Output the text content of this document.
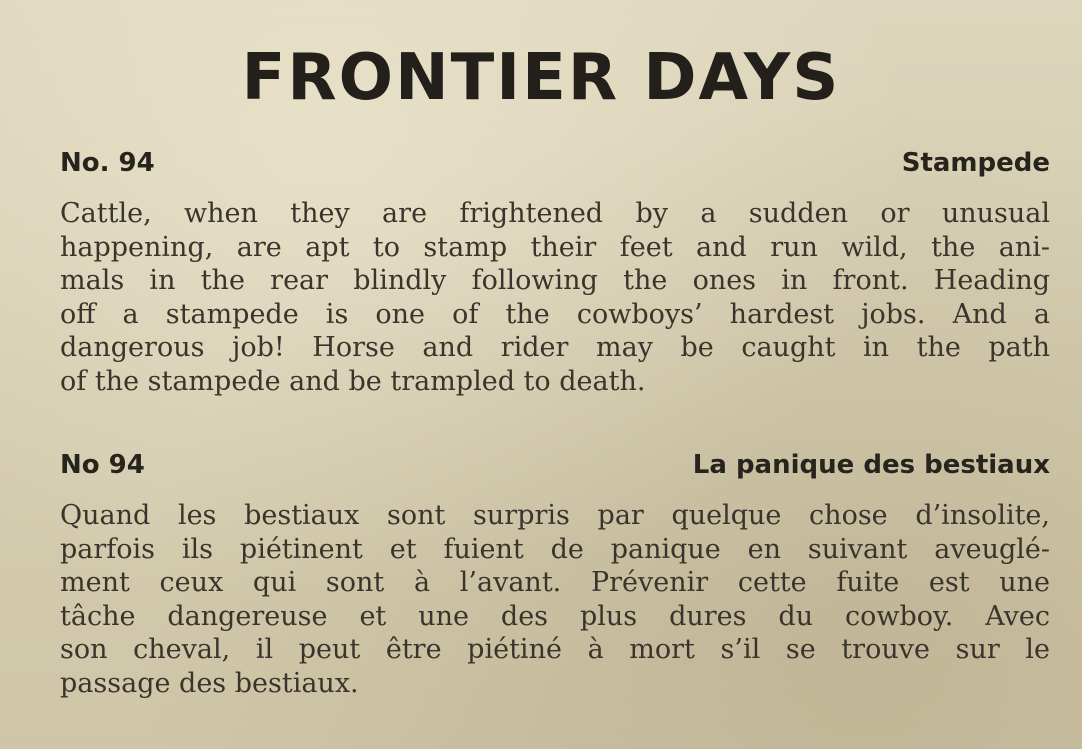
FRONTIER DAYS
No. 94	Stampede

Cattle, when they are frightened by a sudden or unusual
happening, are apt to stamp their feet and run wild, the ani-
mals in the rear blindly following the ones in front. Heading
off a stampede is one of the cowboys’ hardest jobs. And a
dangerous job! Horse and rider may be caught in the path
of the stampede and be trampled to death.

No 94	La panique des bestiaux

Quand les bestiaux sont surpris par quelque chose d’insolite,
parfois ils piétinent et fuient de panique en suivant aveuglé-
ment ceux qui sont à l’avant. Prévenir cette fuite est une
tâche dangereuse et une des plus dures du cowboy. Avec
son cheval, il peut être piétiné à mort s’il se trouve sur le
passage des bestiaux.
